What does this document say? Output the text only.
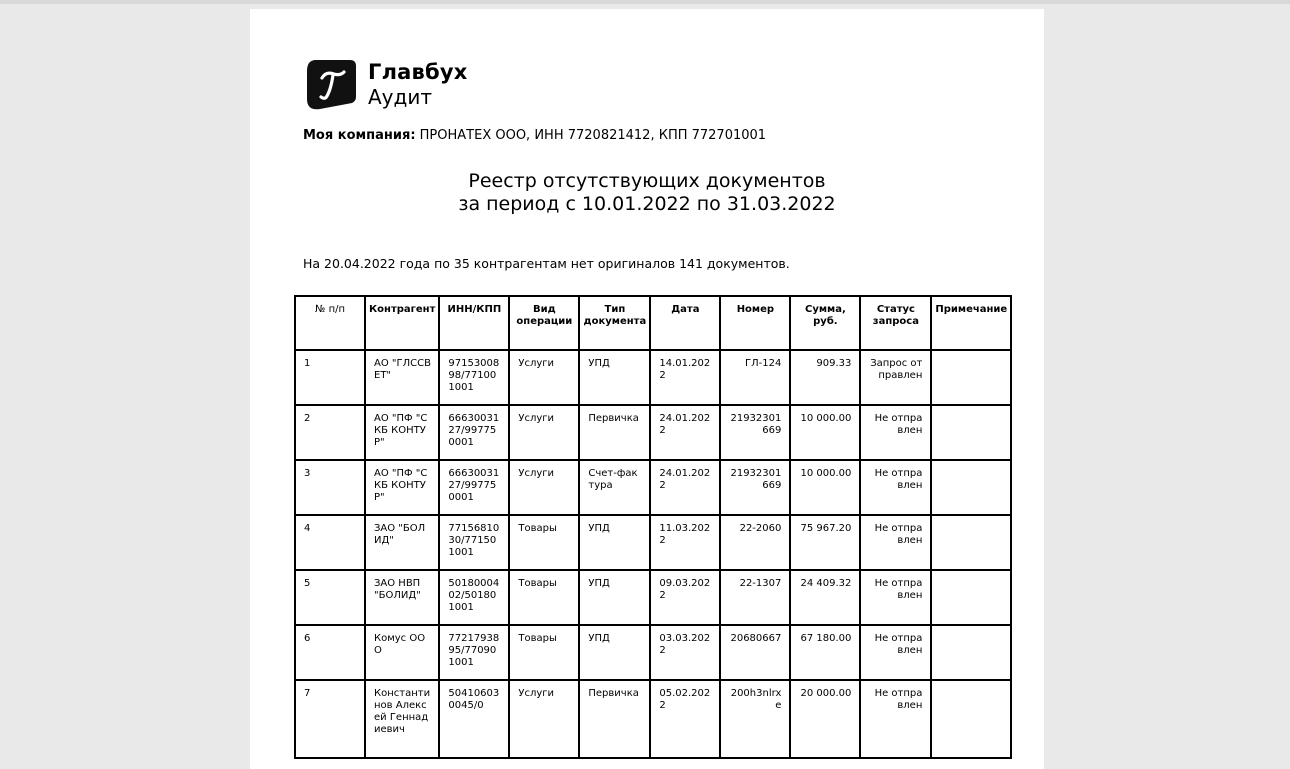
Главбух
Аудит
Моя компания: ПРОНАТЕХ ООО, ИНН 7720821412, КПП 772701001
Реестр отсутствующих документов
за период с 10.01.2022 по 31.03.2022
На 20.04.2022 года по 35 контрагентам нет оригиналов 141 документов.
№ п/п	Контрагент	ИНН/КПП	Вид операции	Тип документа	Дата	Номер	Сумма, руб.	Статус запроса	Примечание
1	АО "ГЛССВЕТ"	9715300898/771001001	Услуги	УПД	14.01.2022	ГЛ-124	909.33	Запрос отправлен	
2	АО "ПФ "СКБ КОНТУР"	6663003127/997750001	Услуги	Первичка	24.01.2022	21932301669	10 000.00	Не отправлен	
3	АО "ПФ "СКБ КОНТУР"	6663003127/997750001	Услуги	Счет-фактура	24.01.2022	21932301669	10 000.00	Не отправлен	
4	ЗАО "БОЛИД"	7715681030/771501001	Товары	УПД	11.03.2022	22-2060	75 967.20	Не отправлен	
5	ЗАО НВП "БОЛИД"	5018000402/501801001	Товары	УПД	09.03.2022	22-1307	24 409.32	Не отправлен	
6	Комус ООО	7721793895/770901001	Товары	УПД	03.03.2022	20680667	67 180.00	Не отправлен	
7	Константинов Алексей Геннадиевич	504106030045/0	Услуги	Первичка	05.02.2022	200h3nlrxe	20 000.00	Не отправлен	
